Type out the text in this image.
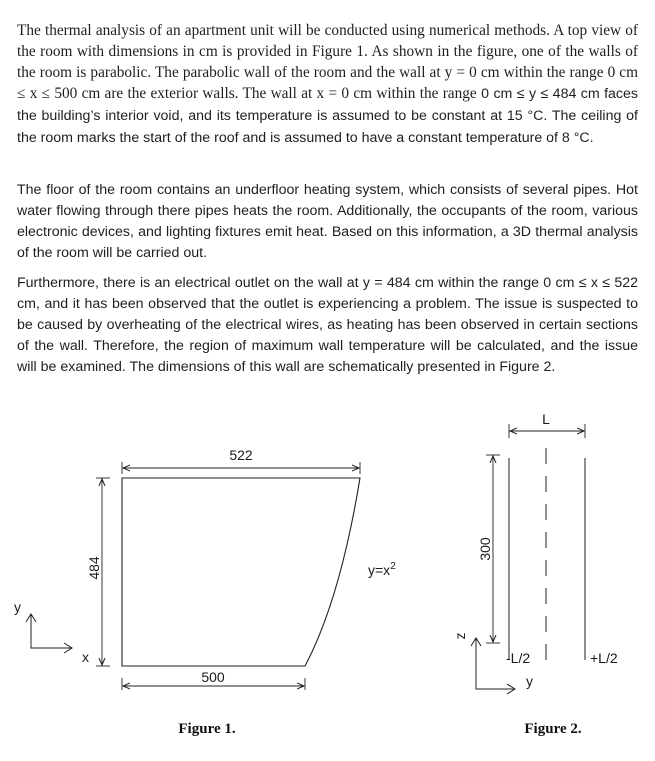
The thermal analysis of an apartment unit will be conducted using numerical methods. A top view of the room with dimensions in cm is provided in Figure 1. As shown in the figure, one of the walls of the room is parabolic. The parabolic wall of the room and the wall at y = 0 cm within the range 0 cm ≤ x ≤ 500 cm are the exterior walls. The wall at x = 0 cm within the range 0 cm ≤ y ≤ 484 cm faces the building’s interior void, and its temperature is assumed to be constant at 15 °C. The ceiling of the room marks the start of the roof and is assumed to have a constant temperature of 8 °C.

The floor of the room contains an underfloor heating system, which consists of several pipes. Hot water flowing through there pipes heats the room. Additionally, the occupants of the room, various electronic devices, and lighting fixtures emit heat. Based on this information, a 3D thermal analysis of the room will be carried out.

Furthermore, there is an electrical outlet on the wall at y = 484 cm within the range 0 cm ≤ x ≤ 522 cm, and it has been observed that the outlet is experiencing a problem. The issue is suspected to be caused by overheating of the electrical wires, as heating has been observed in certain sections of the wall. Therefore, the region of maximum wall temperature will be calculated, and the issue will be examined. The dimensions of this wall are schematically presented in Figure 2.

522
500
484	$y=x^2$
y
x
Figure 1.
L
300
-L/2	+L/2
z
y
Figure 2.
